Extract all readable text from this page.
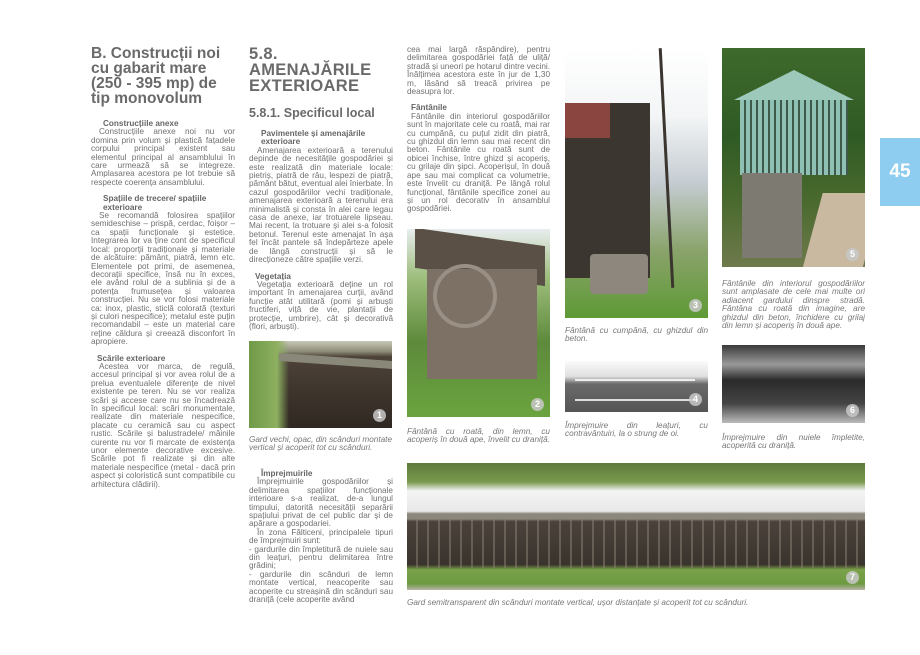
B. Construcții noi cu gabarit mare (250 - 395 mp) de tip monovolum
Construcțiile anexe

Construcțiile anexe noi nu vor domina prin volum și plastică fațadele corpului principal existent sau elementul principal al ansamblului în care urmează să se integreze. Amplasarea acestora pe lot trebuie să respecte coerența ansamblului.

Spațiile de trecere/ spațiile exterioare

Se recomandă folosirea spațiilor semideschise – prispă, cerdac, foișor – ca spații funcționale și estetice. Integrarea lor va ține cont de specificul local: proporții tradiționale și materiale de alcătuire: pământ, piatră, lemn etc. Elementele pot primi, de asemenea, decorații specifice, însă nu în exces, ele având rolul de a sublinia și de a potența frumusețea și valoarea construcției. Nu se vor folosi materiale ca: inox, plastic, sticlă colorată (texturi și culori nespecifice); metalul este puțin recomandabil – este un material care reține căldura și creează disconfort în apropiere.

Scările exterioare

Acestea vor marca, de regulă, accesul principal și vor avea rolul de a prelua eventualele diferențe de nivel existente pe teren. Nu se vor realiza scări și accese care nu se încadrează în specificul local: scări monumentale, realizate din materiale nespecifice, placate cu ceramică sau cu aspect rustic. Scările și balustradele/ mâinile curente nu vor fi marcate de existența unor elemente decorative excesive. Scările pot fi realizate și din alte materiale nespecifice (metal - dacă prin aspect și coloristică sunt compatibile cu arhitectura clădirii).

5.8. AMENAJĂRILE EXTERIOARE
5.8.1. Specificul local
Pavimentele și amenajările exterioare

Amenajarea exterioară a terenului depinde de necesitățile gospodăriei și este realizată din materiale locale: pietriș, piatră de râu, lespezi de piatră, pământ bătut, eventual alei înierbate. În cazul gospodăriilor vechi tradiționale, amenajarea exterioară a terenului era minimalistă și consta în alei care legau casa de anexe, iar trotuarele lipseau. Mai recent, la trotuare și alei s-a folosit betonul. Terenul este amenajat în așa fel încât pantele să îndepărteze apele de lângă construcții și să le direcționeze către spațiile verzi.

Vegetația

Vegetația exterioară deține un rol important în amenajarea curții, având funcție atât utilitară (pomi și arbuști fructiferi, viță de vie, plantații de protecție, umbrire), cât și decorativă (flori, arbuști).

1
Gard vechi, opac, din scânduri montate vertical și acoperit tot cu scânduri.
Împrejmuirile

Împrejmuirile gospodăriilor și delimitarea spațiilor funcționale interioare s-a realizat, de-a lungul timpului, datorită necesității separării spațiului privat de cel public dar și de apărare a gospodariei.

În zona Fălticeni, principalele tipuri de împrejmuiri sunt:

- gardurile din împletitură de nuiele sau din leațuri, pentru delimitarea între grădini;

- gardurile din scânduri de lemn montate vertical, neacoperite sau acoperite cu streașină din scânduri sau draniță (cele acoperite având

cea mai largă răspândire), pentru delimitarea gospodăriei față de uliță/ stradă și uneori pe hotarul dintre vecini. Înălțimea acestora este în jur de 1,30 m, lăsând să treacă privirea pe deasupra lor.

Fântânile

Fântânile din interiorul gospodăriilor sunt în majoritate cele cu roată, mai rar cu cumpănă, cu puțul zidit din piatră, cu ghizdul din lemn sau mai recent din beton. Fântânile cu roată sunt de obicei închise, între ghizd și acoperiș, cu grilaje din șipci. Acoperișul, în două ape sau mai complicat ca volumetrie, este învelit cu draniță. Pe lângă rolul funcțional, fântânile specifice zonei au și un rol decorativ în ansamblul gospodăriei.

2
Fântână cu roată, din lemn, cu acoperiș în două ape, învelit cu draniță.
3
Fântână cu cumpănă, cu ghizdul din beton.
4
Împrejmuire din leațuri, cu contravântuiri, la o strung de oi.
5
Fântânile din interiorul gospodăriilor sunt amplasate de cele mai multe ori adiacent gardului dinspre stradă. Fântâna cu roată din imagine, are ghizdul din beton, închidere cu grilaj din lemn și acoperiș în două ape.
6
Împrejmuire din nuiele împletite, acoperită cu draniță.
7
Gard semitransparent din scânduri montate vertical, ușor distanțate și acoperit tot cu scânduri.
45
